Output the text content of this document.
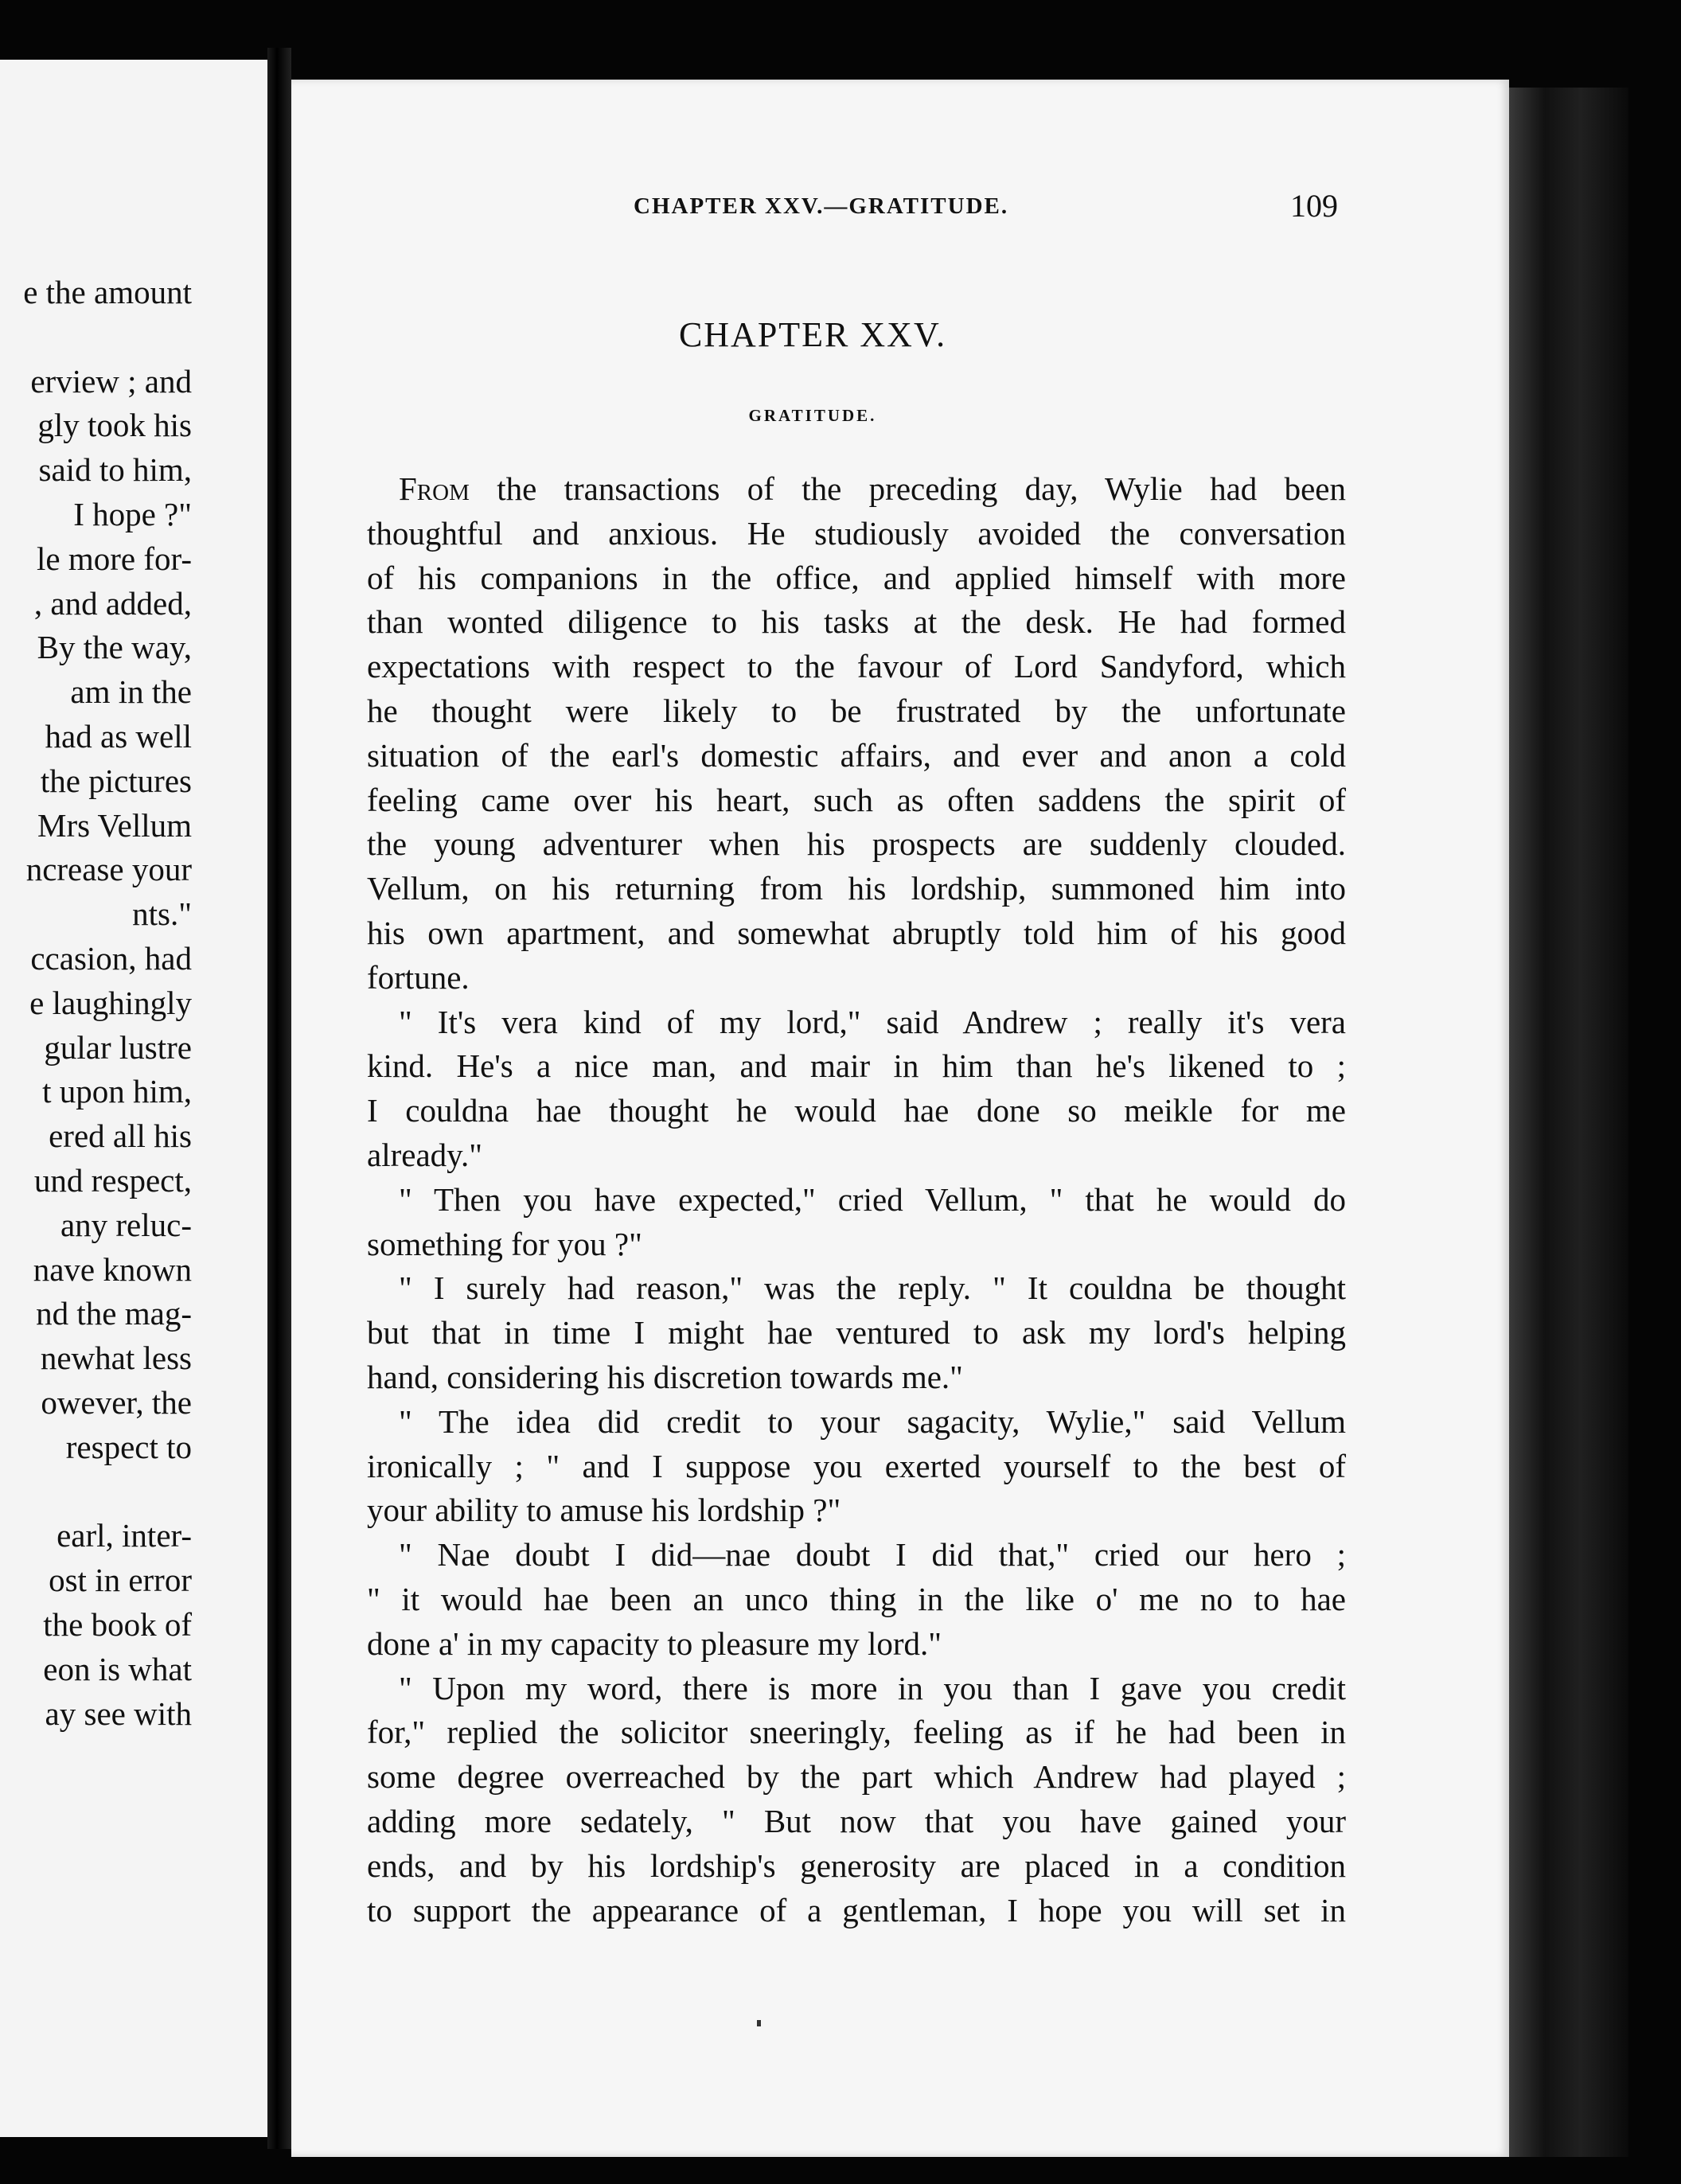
e the amount
erview ; and
gly took his
said to him,
I hope ?"
le more for-
, and added,
By the way,
am in the
had as well
the pictures
Mrs Vellum
ncrease your
nts."
ccasion, had
e laughingly
gular lustre
t upon him,
ered all his
und respect,
any reluc-
nave known
nd the mag-
newhat less
owever, the
respect to
earl, inter-
ost in error
the book of
eon is what
ay see with
CHAPTER XXV.—GRATITUDE.	109
CHAPTER XXV.
GRATITUDE.
From the transactions of the preceding day, Wylie had been
thoughtful and anxious. He studiously avoided the conversation
of his companions in the office, and applied himself with more
than wonted diligence to his tasks at the desk. He had formed
expectations with respect to the favour of Lord Sandyford, which
he thought were likely to be frustrated by the unfortunate
situation of the earl's domestic affairs, and ever and anon a cold
feeling came over his heart, such as often saddens the spirit of
the young adventurer when his prospects are suddenly clouded.
Vellum, on his returning from his lordship, summoned him into
his own apartment, and somewhat abruptly told him of his good
fortune.
" It's vera kind of my lord," said Andrew ; really it's vera
kind. He's a nice man, and mair in him than he's likened to ;
I couldna hae thought he would hae done so meikle for me
already."
" Then you have expected," cried Vellum, " that he would do
something for you ?"
" I surely had reason," was the reply. " It couldna be thought
but that in time I might hae ventured to ask my lord's helping
hand, considering his discretion towards me."
" The idea did credit to your sagacity, Wylie," said Vellum
ironically ; " and I suppose you exerted yourself to the best of
your ability to amuse his lordship ?"
" Nae doubt I did—nae doubt I did that," cried our hero ;
" it would hae been an unco thing in the like o' me no to hae
done a' in my capacity to pleasure my lord."
" Upon my word, there is more in you than I gave you credit
for," replied the solicitor sneeringly, feeling as if he had been in
some degree overreached by the part which Andrew had played ;
adding more sedately, " But now that you have gained your
ends, and by his lordship's generosity are placed in a condition
to support the appearance of a gentleman, I hope you will set in
